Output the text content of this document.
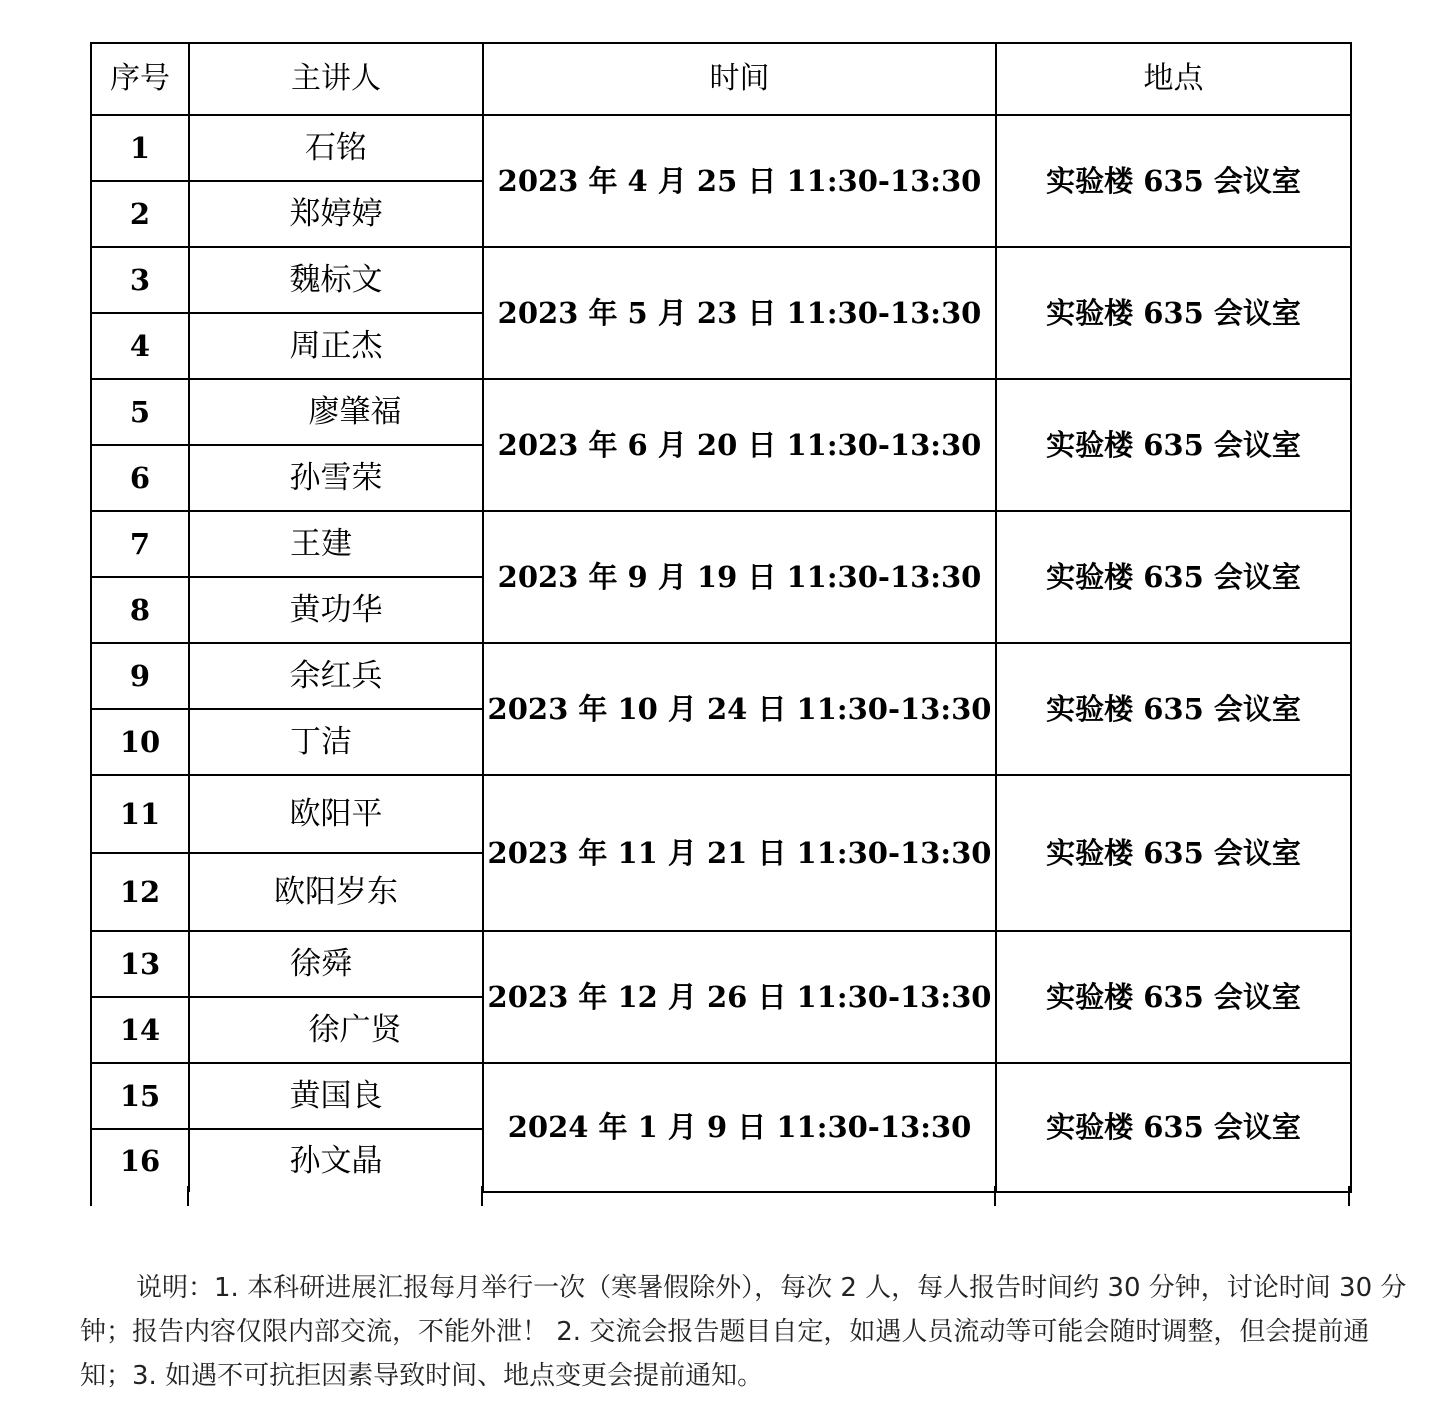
序号	主讲人	时间	地点
1	石铭	2023 年 4 月 25 日 11:30-13:30	实验楼 635 会议室
2	郑婷婷		
3	魏标文	2023 年 5 月 23 日 11:30-13:30	实验楼 635 会议室
4	周正杰		
5	廖肇福	2023 年 6 月 20 日 11:30-13:30	实验楼 635 会议室
6	孙雪荣		
7	王建	2023 年 9 月 19 日 11:30-13:30	实验楼 635 会议室
8	黄功华		
9	余红兵	2023 年 10 月 24 日 11:30-13:30	实验楼 635 会议室
10	丁洁		
11	欧阳平	2023 年 11 月 21 日 11:30-13:30	实验楼 635 会议室
12	欧阳岁东		
13	徐舜	2023 年 12 月 26 日 11:30-13:30	实验楼 635 会议室
14	徐广贤		
15	黄国良	2024 年 1 月 9 日 11:30-13:30	实验楼 635 会议室
16	孙文晶		

说明：1. 本科研进展汇报每月举行一次（寒暑假除外），每次 2 人，每人报告时间约 30 分钟，讨论时间 30 分钟；报告内容仅限内部交流，不能外泄！ 2. 交流会报告题目自定，如遇人员流动等可能会随时调整，但会提前通知；3. 如遇不可抗拒因素导致时间、地点变更会提前通知。
